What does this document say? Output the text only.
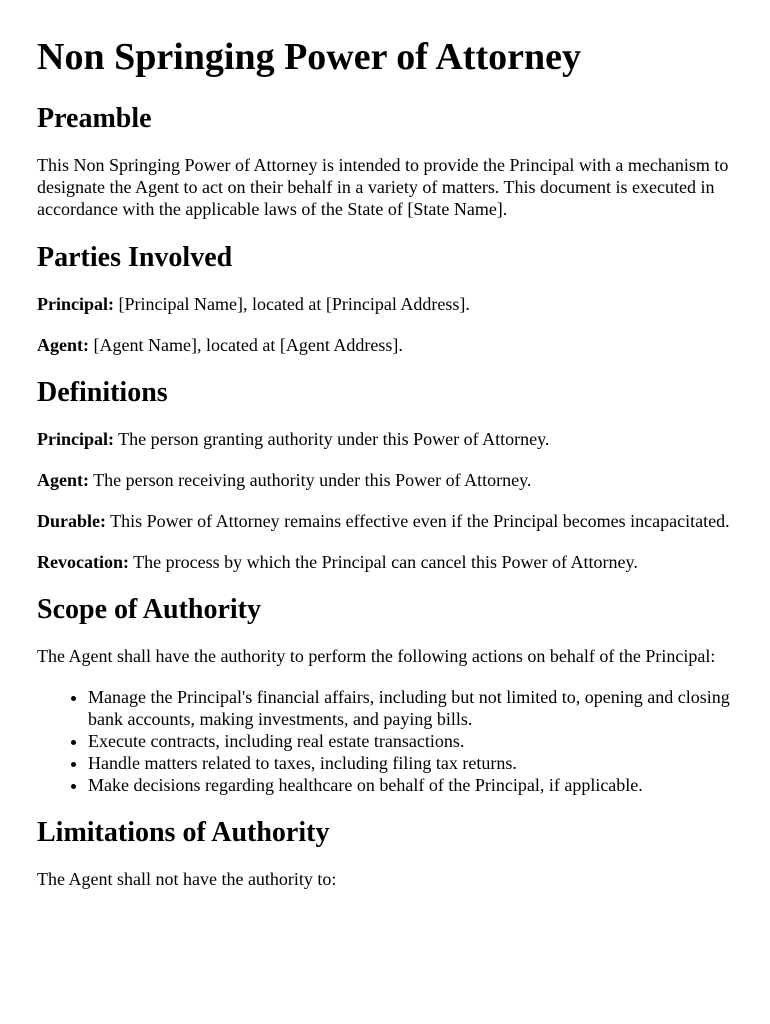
Non Springing Power of Attorney
Preamble

This Non Springing Power of Attorney is intended to provide the Principal with a mechanism to designate the Agent to act on their behalf in a variety of matters. This document is executed in accordance with the applicable laws of the State of [State Name].

Parties Involved

Principal: [Principal Name], located at [Principal Address].

Agent: [Agent Name], located at [Agent Address].

Definitions

Principal: The person granting authority under this Power of Attorney.

Agent: The person receiving authority under this Power of Attorney.

Durable: This Power of Attorney remains effective even if the Principal becomes incapacitated.

Revocation: The process by which the Principal can cancel this Power of Attorney.

Scope of Authority

The Agent shall have the authority to perform the following actions on behalf of the Principal:

• Manage the Principal's financial affairs, including but not limited to, opening and closing bank accounts, making investments, and paying bills.
• Execute contracts, including real estate transactions.
• Handle matters related to taxes, including filing tax returns.
• Make decisions regarding healthcare on behalf of the Principal, if applicable.
Limitations of Authority

The Agent shall not have the authority to:
